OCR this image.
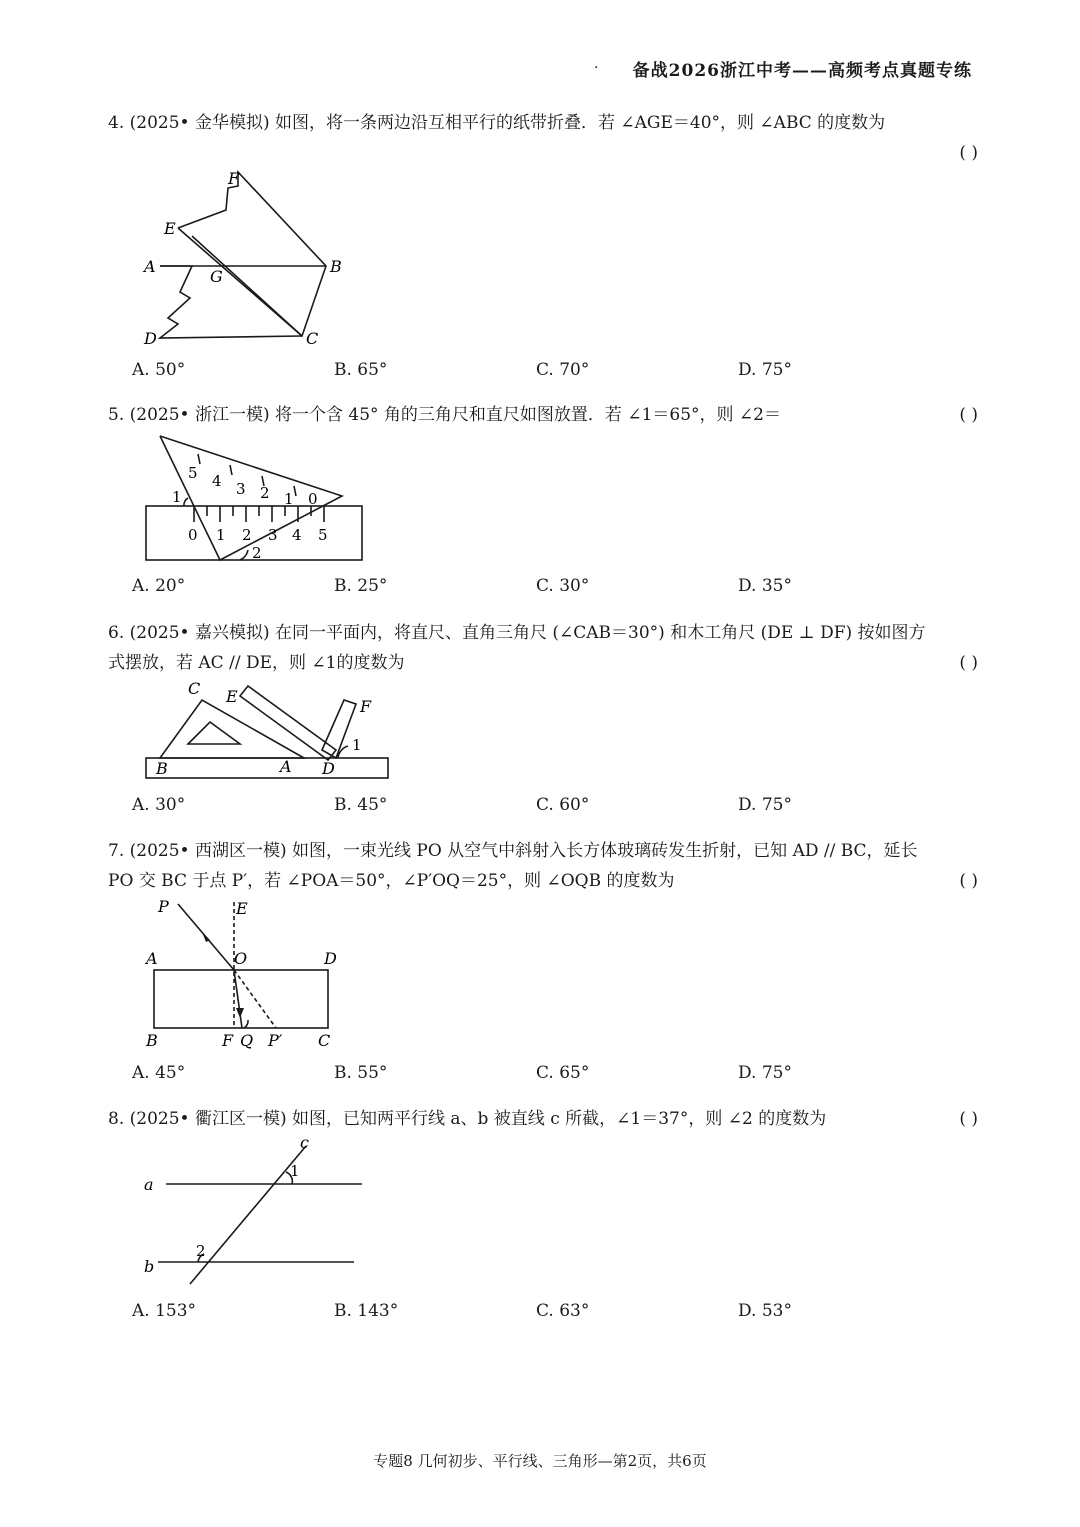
· 备战2026浙江中考——高频考点真题专练
4. (2025• 金华模拟) 如图，将一条两边沿互相平行的纸带折叠．若 ∠AGE＝40°，则 ∠ABC 的度数为
( )
F
E
A
G
B
D	C
A. 50°	B. 65°	C. 70°	D. 75°
5. (2025• 浙江一模) 将一个含 45° 角的三角尺和直尺如图放置．若 ∠1＝65°，则 ∠2＝	( )
5 4 3 2 1 0
1
0 1 2 3 4 5
2
A. 20°	B. 25°	C. 30°	D. 35°
6. (2025• 嘉兴模拟) 在同一平面内，将直尺、直角三角尺 (∠CAB＝30°) 和木工角尺 (DE ⊥ DF) 按如图方
式摆放，若 AC // DE，则 ∠1的度数为	( )
C E
F
1
B	A D
A. 30°	B. 45°	C. 60°	D. 75°
7. (2025• 西湖区一模) 如图，一束光线 PO 从空气中斜射入长方体玻璃砖发生折射，已知 AD // BC，延长
PO 交 BC 于点 P′，若 ∠POA＝50°，∠P′OQ＝25°，则 ∠OQB 的度数为	( )
P	E
A	O	D
B	F Q P′ C
A. 45°	B. 55°	C. 65°	D. 75°
8. (2025• 衢江区一模) 如图，已知两平行线 a、b 被直线 c 所截，∠1＝37°，则 ∠2 的度数为	( )
c
1
a
2
b
A. 153°	B. 143°	C. 63°	D. 53°
专题8 几何初步、平行线、三角形—第2页，共6页
